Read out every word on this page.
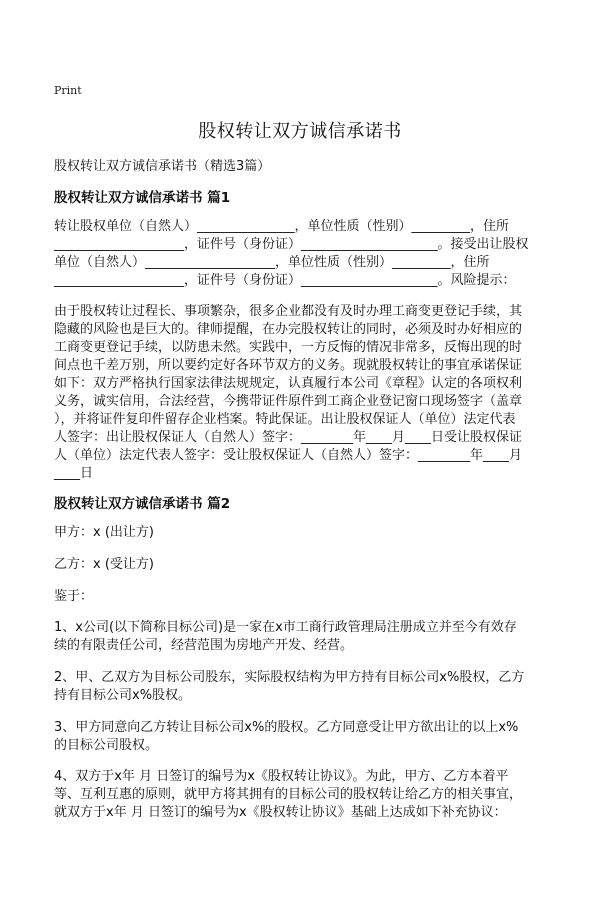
Print
股权转让双方诚信承诺书
股权转让双方诚信承诺书（精选3篇）
股权转让双方诚信承诺书 篇1
转让股权单位（自然人）_______________，单位性质（性别）_________，住所
____________________，证件号（身份证）_____________________。接受出让股权
单位（自然人）____________________，单位性质（性别）_________，住所
____________________，证件号（身份证）_____________________。风险提示：
由于股权转让过程长、事项繁杂，很多企业都没有及时办理工商变更登记手续，其
隐藏的风险也是巨大的。律师提醒，在办完股权转让的同时，必须及时办好相应的
工商变更登记手续，以防患未然。实践中，一方反悔的情况非常多，反悔出现的时
间点也千差万别，所以要约定好各环节双方的义务。现就股权转让的事宜承诺保证
如下：双方严格执行国家法律法规规定，认真履行本公司《章程》认定的各项权利
义务，诚实信用，合法经营，今携带证件原件到工商企业登记窗口现场签字（盖章
），并将证件复印件留存企业档案。特此保证。出让股权保证人（单位）法定代表
人签字：出让股权保证人（自然人）签字：________年____月____日受让股权保证
人（单位）法定代表人签字：受让股权保证人（自然人）签字：________年____月
____日
股权转让双方诚信承诺书 篇2
甲方：x (出让方)
乙方：x (受让方)
鉴于：
1、x公司(以下简称目标公司)是一家在x市工商行政管理局注册成立并至今有效存
续的有限责任公司，经营范围为房地产开发、经营。
2、甲、乙双方为目标公司股东，实际股权结构为甲方持有目标公司x%股权，乙方
持有目标公司x%股权。
3、甲方同意向乙方转让目标公司x%的股权。乙方同意受让甲方欲出让的以上x%
的目标公司股权。
4、双方于x年 月 日签订的编号为x《股权转让协议》。为此，甲方、乙方本着平
等、互利互惠的原则，就甲方将其拥有的目标公司的股权转让给乙方的相关事宜，
就双方于x年 月 日签订的编号为x《股权转让协议》基础上达成如下补充协议：
